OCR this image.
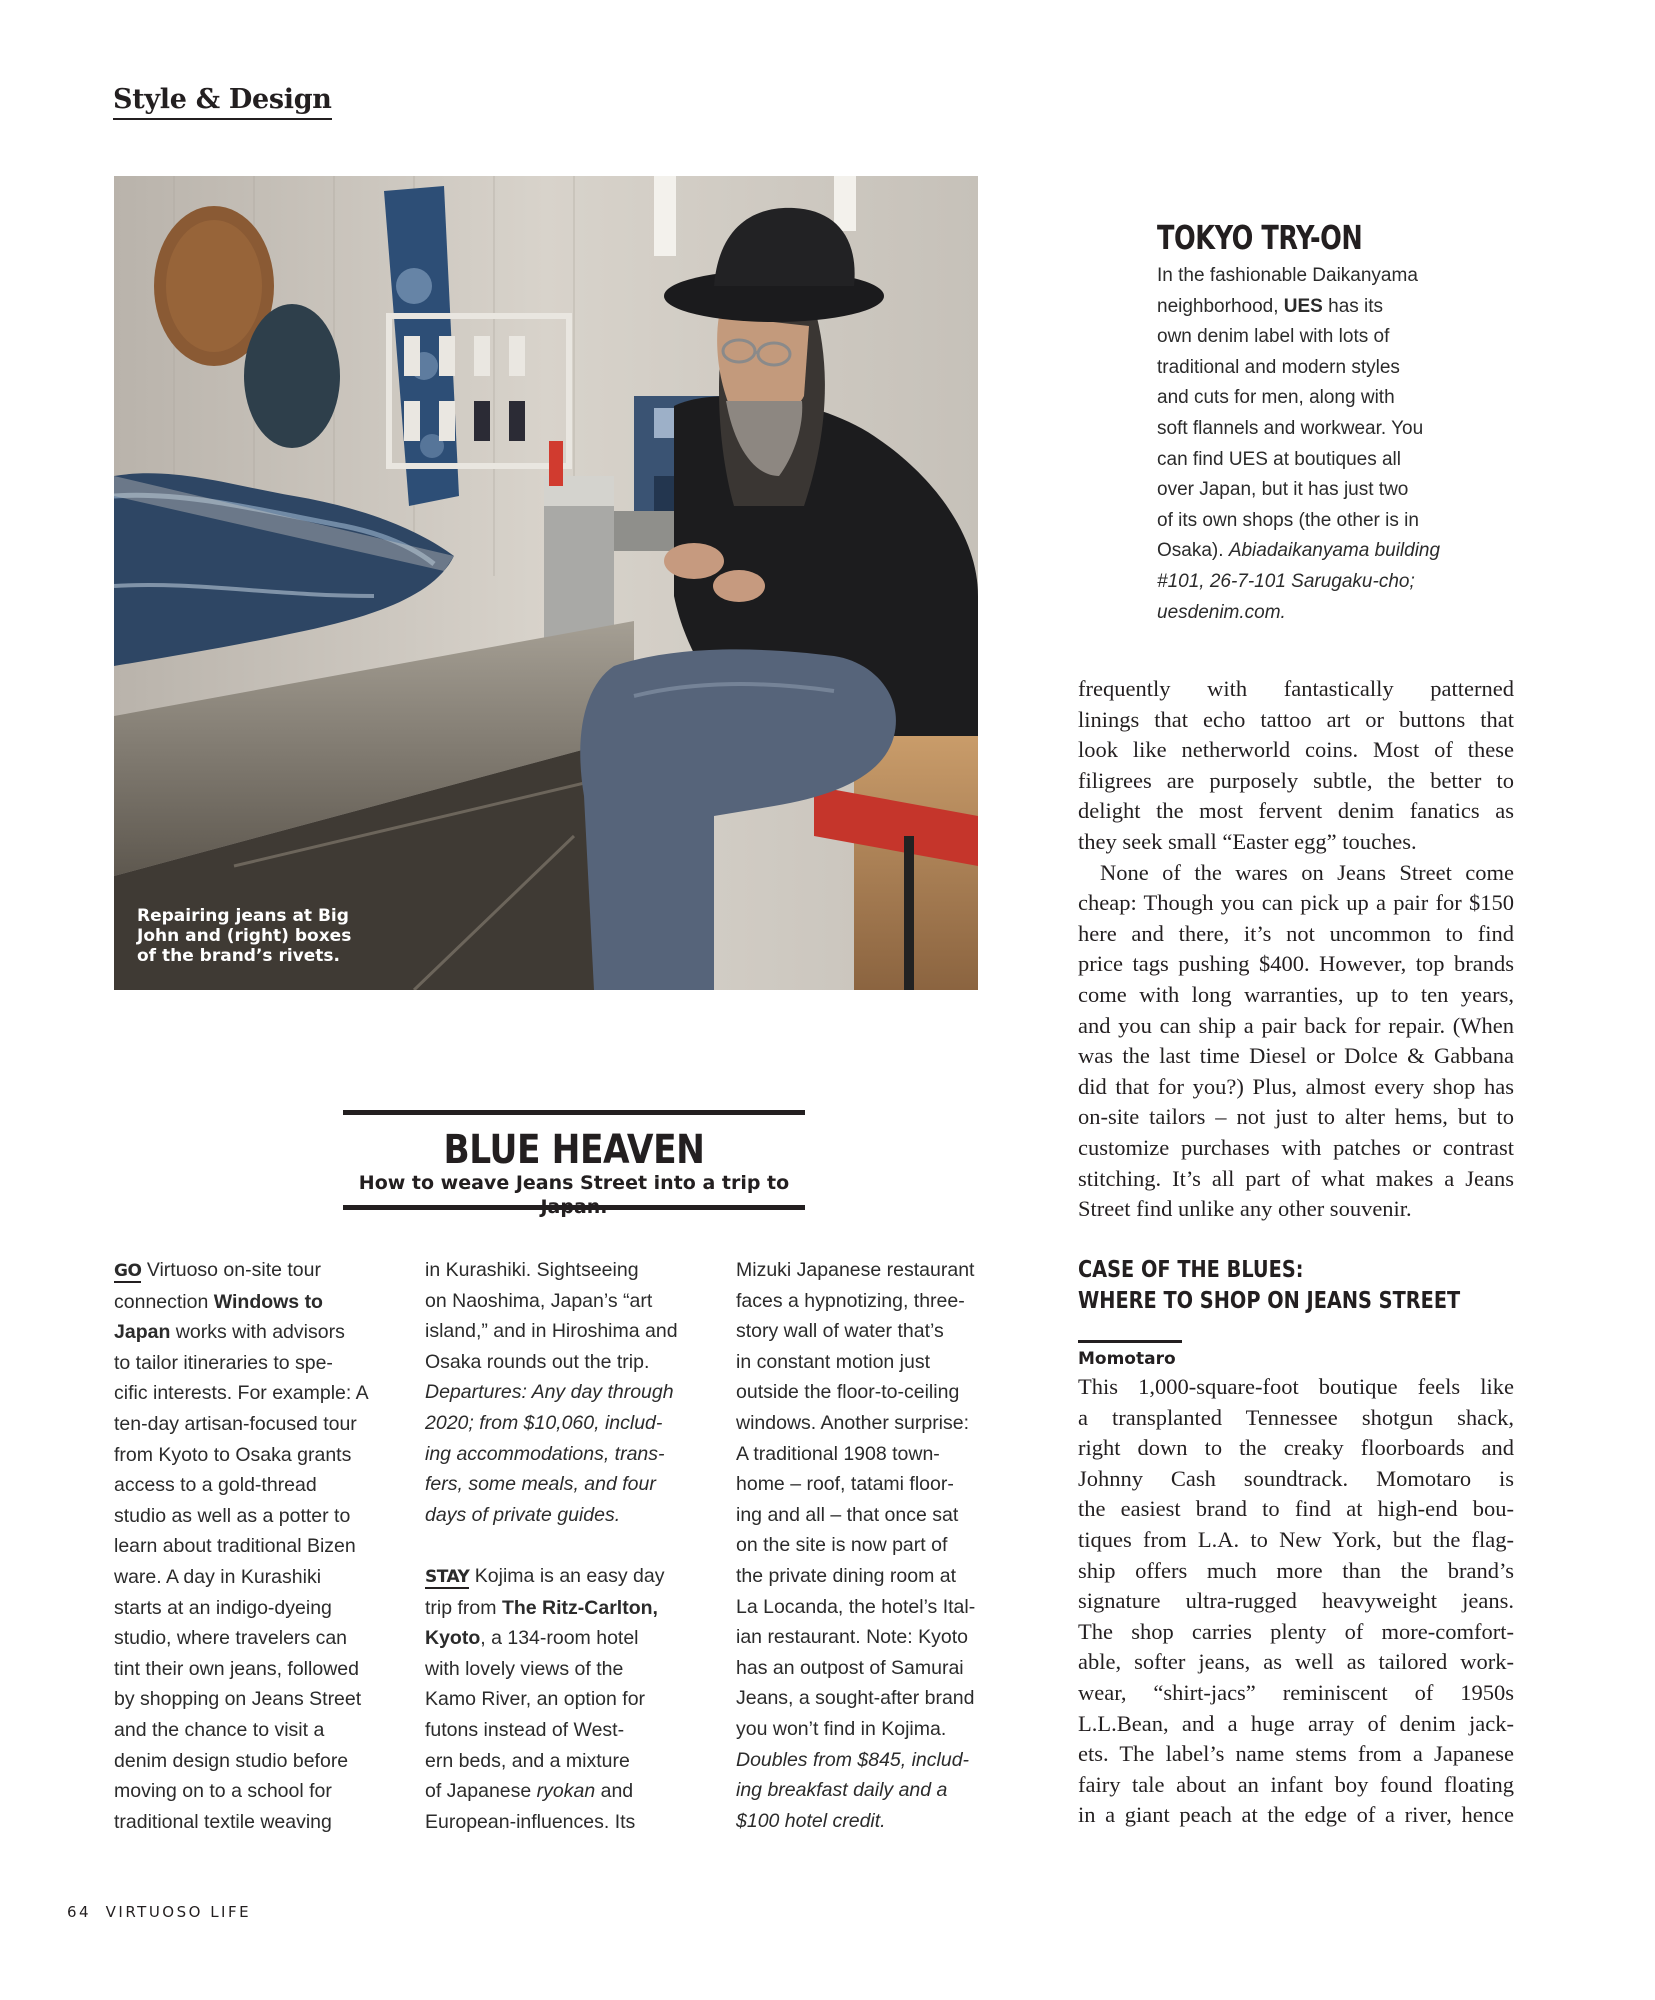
Style & Design
Repairing jeans at Big
John and (right) boxes
of the brand’s rivets.
TOKYO TRY-ON
In the fashionable Daikanyama
neighborhood, UES has its
own denim label with lots of
traditional and modern styles
and cuts for men, along with
soft flannels and workwear. You
can find UES at boutiques all
over Japan, but it has just two
of its own shops (the other is in
Osaka). Abiadaikanyama building
#101, 26-7-101 Sarugaku-cho;
uesdenim.com.

frequently with fantastically patterned
linings that echo tattoo art or buttons that
look like netherworld coins. Most of these
filigrees are purposely subtle, the better to
delight the most fervent denim fanatics as
they seek small “Easter egg” touches.

None of the wares on Jeans Street come
cheap: Though you can pick up a pair for $150
here and there, it’s not uncommon to find
price tags pushing $400. However, top brands
come with long warranties, up to ten years,
and you can ship a pair back for repair. (When
was the last time Diesel or Dolce & Gabbana
did that for you?) Plus, almost every shop has
on-site tailors – not just to alter hems, but to
customize purchases with patches or contrast
stitching. It’s all part of what makes a Jeans
Street find unlike any other souvenir.

BLUE HEAVEN
How to weave Jeans Street into a trip to
GO Virtuoso on-site tour
connection Windows to
Japan works with advisors
to tailor itineraries to spe-
cific interests. For example: A
ten-day artisan-focused tour
from Kyoto to Osaka grants
access to a gold-thread
studio as well as a potter to
learn about traditional Bizen
ware. A day in Kurashiki
starts at an indigo-dyeing
studio, where travelers can
tint their own jeans, followed
by shopping on Jeans Street
and the chance to visit a
denim design studio before
moving on to a school for
traditional textile weaving
in Kurashiki. Sightseeing
on Naoshima, Japan’s “art
island,” and in Hiroshima and
Osaka rounds out the trip.
Departures: Any day through
2020; from $10,060, includ-
ing accommodations, trans-
fers, some meals, and four
days of private guides.
STAY Kojima is an easy day
trip from The Ritz-Carlton,
Kyoto, a 134-room hotel
with lovely views of the
Kamo River, an option for
futons instead of West-
ern beds, and a mixture
of Japanese ryokan and
European-influences. Its
Mizuki Japanese restaurant
faces a hypnotizing, three-
story wall of water that’s
in constant motion just
outside the floor-to-ceiling
windows. Another surprise:
A traditional 1908 town-
home – roof, tatami floor-
ing and all – that once sat
on the site is now part of
the private dining room at
La Locanda, the hotel’s Ital-
ian restaurant. Note: Kyoto
has an outpost of Samurai
Jeans, a sought-after brand
you won’t find in Kojima.
Doubles from $845, includ-
ing breakfast daily and a
$100 hotel credit.
CASE OF THE BLUES:
WHERE TO SHOP ON JEANS STREET
Momotaro
This 1,000-square-foot boutique feels like
a transplanted Tennessee shotgun shack,
right down to the creaky floorboards and
Johnny Cash soundtrack. Momotaro is
the easiest brand to find at high-end bou-
tiques from L.A. to New York, but the flag-
ship offers much more than the brand’s
signature ultra-rugged heavyweight jeans.
The shop carries plenty of more-comfort-
able, softer jeans, as well as tailored work-
wear, “shirt-jacs” reminiscent of 1950s
L.L.Bean, and a huge array of denim jack-
ets. The label’s name stems from a Japanese
fairy tale about an infant boy found floating
in a giant peach at the edge of a river, hence
64 VIRTUOSO LIFE
